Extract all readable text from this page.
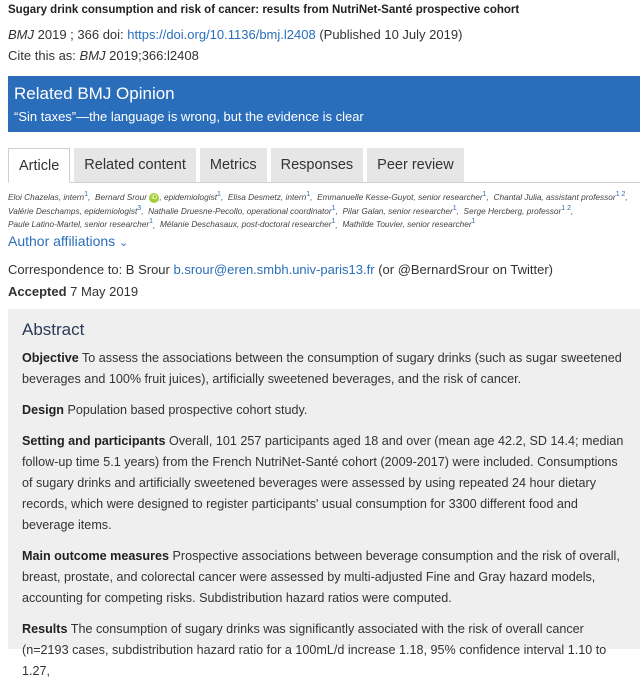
Sugary drink consumption and risk of cancer: results from NutriNet-Santé prospective cohort
BMJ 2019 ; 366 doi: https://doi.org/10.1136/bmj.l2408 (Published 10 July 2019)
Cite this as: BMJ 2019;366:l2408
Related BMJ Opinion
“Sin taxes”—the language is wrong, but the evidence is clear
Article	Related content	Metrics	Responses	Peer review
Eloi Chazelas, intern$^1$,  Bernard Srour iD , epidemiologist$^1$,  Elisa Desmetz, intern$^1$,  Emmanuelle Kesse-Guyot, senior researcher$^1$,  Chantal Julia, assistant professor$^{1 2}$, Valérie Deschamps, epidemiologist$^3$,  Nathalie Druesne-Pecollo, operational coordinator$^1$,  Pilar Galan, senior researcher$^1$,  Serge Hercberg, professor$^{1 2}$, Paule Latino-Martel, senior researcher$^1$,  Mélanie Deschasaux, post-doctoral researcher$^1$,  Mathilde Touvier, senior researcher$^1$
Author affiliations ⌄
Correspondence to: B Srour b.srour@eren.smbh.univ-paris13.fr (or @BernardSrour on Twitter)
Accepted 7 May 2019
Abstract

Objective To assess the associations between the consumption of sugary drinks (such as sugar sweetened beverages and 100% fruit juices), artificially sweetened beverages, and the risk of cancer.

Design Population based prospective cohort study.

Setting and participants Overall, 101 257 participants aged 18 and over (mean age 42.2, SD 14.4; median follow-up time 5.1 years) from the French NutriNet-Santé cohort (2009-2017) were included. Consumptions of sugary drinks and artificially sweetened beverages were assessed by using repeated 24 hour dietary records, which were designed to register participants' usual consumption for 3300 different food and beverage items.

Main outcome measures Prospective associations between beverage consumption and the risk of overall, breast, prostate, and colorectal cancer were assessed by multi-adjusted Fine and Gray hazard models, accounting for competing risks. Subdistribution hazard ratios were computed.

Results The consumption of sugary drinks was significantly associated with the risk of overall cancer (n=2193 cases, subdistribution hazard ratio for a 100mL/d increase 1.18, 95% confidence interval 1.10 to 1.27,
